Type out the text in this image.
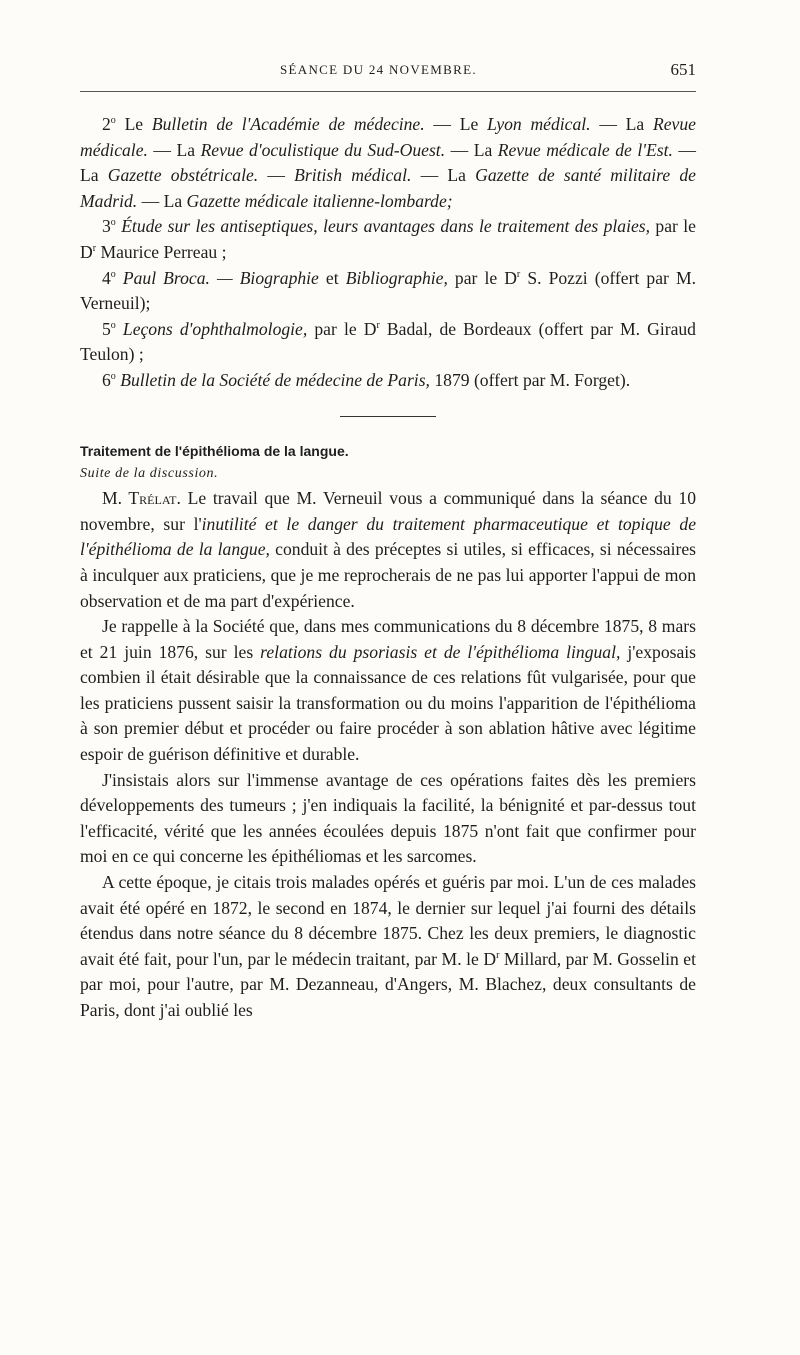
SÉANCE DU 24 NOVEMBRE.	651

2$^o$ Le Bulletin de l'Académie de médecine. — Le Lyon médical. — La Revue médicale. — La Revue d'oculistique du Sud-Ouest. — La Revue médicale de l'Est. — La Gazette obstétricale. — British médical. — La Gazette de santé militaire de Madrid. — La Gazette médicale italienne-lombarde;

3$^o$ Étude sur les antiseptiques, leurs avantages dans le traitement des plaies, par le $D^r$ Maurice Perreau ;

4$^o$ Paul Broca. — Biographie et Bibliographie, par le $D^r$ S. Pozzi (offert par M. Verneuil);

5$^o$ Leçons d'ophthalmologie, par le $D^r$ Badal, de Bordeaux (offert par M. Giraud Teulon) ;

6$^o$ Bulletin de la Société de médecine de Paris, 1879 (offert par M. Forget).

Traitement de l'épithélioma de la langue.

Suite de la discussion.

M. Trélat. Le travail que M. Verneuil vous a communiqué dans la séance du 10 novembre, sur l'inutilité et le danger du traitement pharmaceutique et topique de l'épithélioma de la langue, conduit à des préceptes si utiles, si efficaces, si nécessaires à inculquer aux praticiens, que je me reprocherais de ne pas lui apporter l'appui de mon observation et de ma part d'expérience.

Je rappelle à la Société que, dans mes communications du 8 décembre 1875, 8 mars et 21 juin 1876, sur les relations du psoriasis et de l'épithélioma lingual, j'exposais combien il était désirable que la connaissance de ces relations fût vulgarisée, pour que les praticiens pussent saisir la transformation ou du moins l'apparition de l'épithélioma à son premier début et procéder ou faire procéder à son ablation hâtive avec légitime espoir de guérison définitive et durable.

J'insistais alors sur l'immense avantage de ces opérations faites dès les premiers développements des tumeurs ; j'en indiquais la facilité, la bénignité et par-dessus tout l'efficacité, vérité que les années écoulées depuis 1875 n'ont fait que confirmer pour moi en ce qui concerne les épithéliomas et les sarcomes.

A cette époque, je citais trois malades opérés et guéris par moi. L'un de ces malades avait été opéré en 1872, le second en 1874, le dernier sur lequel j'ai fourni des détails étendus dans notre séance du 8 décembre 1875. Chez les deux premiers, le diagnostic avait été fait, pour l'un, par le médecin traitant, par M. le $D^r$ Millard, par M. Gosselin et par moi, pour l'autre, par M. Dezanneau, d'Angers, M. Blachez, deux consultants de Paris, dont j'ai oublié les
